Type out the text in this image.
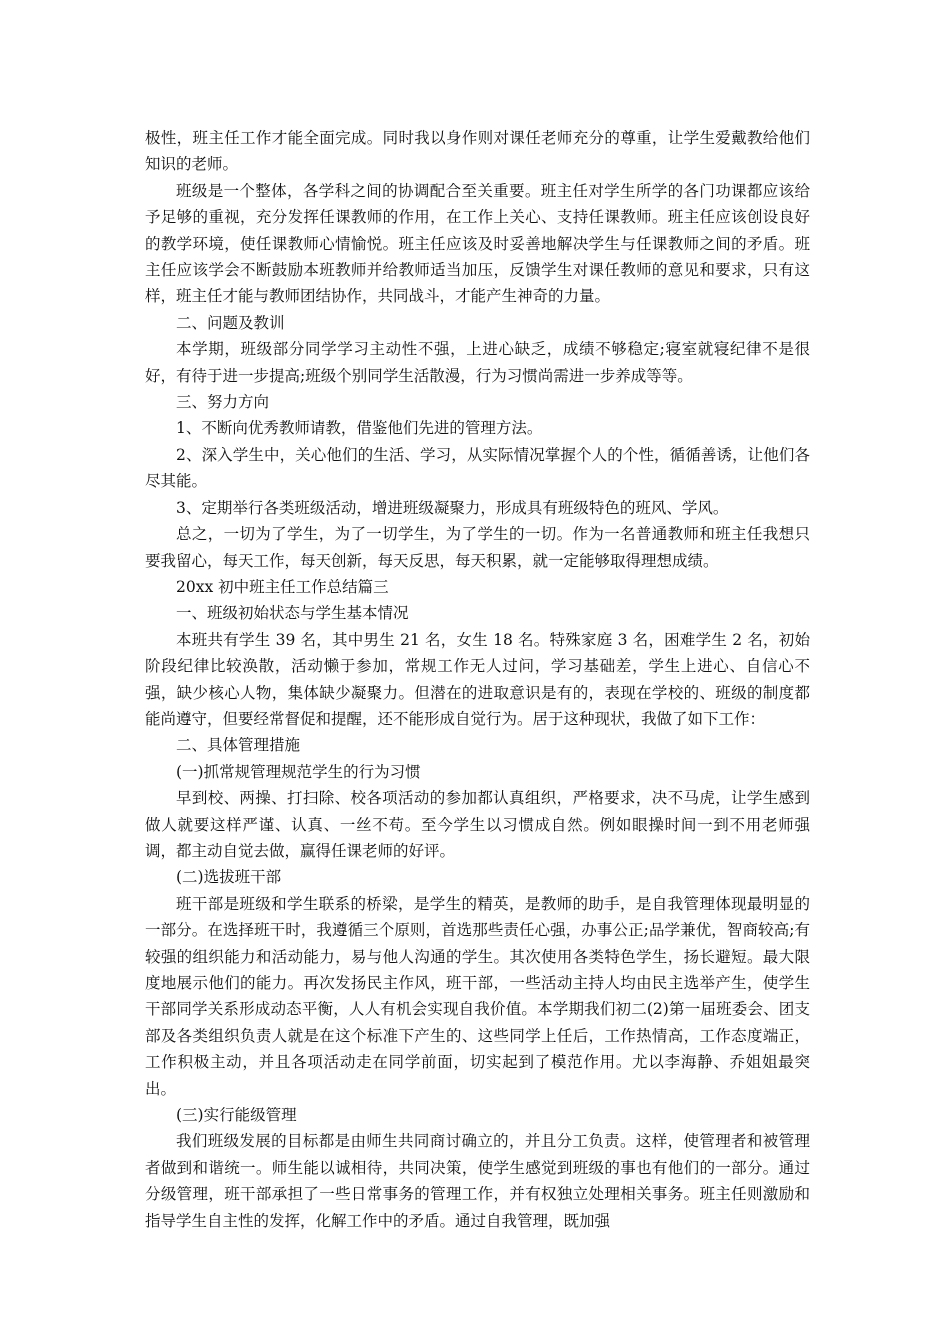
极性，班主任工作才能全面完成。同时我以身作则对课任老师充分的尊重，让学生爱戴教给他们知识的老师。

班级是一个整体，各学科之间的协调配合至关重要。班主任对学生所学的各门功课都应该给予足够的重视，充分发挥任课教师的作用，在工作上关心、支持任课教师。班主任应该创设良好的教学环境，使任课教师心情愉悦。班主任应该及时妥善地解决学生与任课教师之间的矛盾。班主任应该学会不断鼓励本班教师并给教师适当加压，反馈学生对课任教师的意见和要求，只有这样，班主任才能与教师团结协作，共同战斗，才能产生神奇的力量。

二、问题及教训

本学期，班级部分同学学习主动性不强，上进心缺乏，成绩不够稳定;寝室就寝纪律不是很好，有待于进一步提高;班级个别同学生活散漫，行为习惯尚需进一步养成等等。

三、努力方向

1、不断向优秀教师请教，借鉴他们先进的管理方法。

2、深入学生中，关心他们的生活、学习，从实际情况掌握个人的个性，循循善诱，让他们各尽其能。

3、定期举行各类班级活动，增进班级凝聚力，形成具有班级特色的班风、学风。

总之，一切为了学生，为了一切学生，为了学生的一切。作为一名普通教师和班主任我想只要我留心，每天工作，每天创新，每天反思，每天积累，就一定能够取得理想成绩。

20xx 初中班主任工作总结篇三

一、班级初始状态与学生基本情况

本班共有学生 39 名，其中男生 21 名，女生 18 名。特殊家庭 3 名，困难学生 2 名，初始阶段纪律比较涣散，活动懒于参加，常规工作无人过问，学习基础差，学生上进心、自信心不强，缺少核心人物，集体缺少凝聚力。但潜在的进取意识是有的，表现在学校的、班级的制度都能尚遵守，但要经常督促和提醒，还不能形成自觉行为。居于这种现状，我做了如下工作：

二、具体管理措施

(一)抓常规管理规范学生的行为习惯

早到校、两操、打扫除、校各项活动的参加都认真组织，严格要求，决不马虎，让学生感到做人就要这样严谨、认真、一丝不苟。至今学生以习惯成自然。例如眼操时间一到不用老师强调，都主动自觉去做，赢得任课老师的好评。

(二)选拔班干部

班干部是班级和学生联系的桥梁，是学生的精英，是教师的助手，是自我管理体现最明显的一部分。在选择班干时，我遵循三个原则，首选那些责任心强，办事公正;品学兼优，智商较高;有较强的组织能力和活动能力，易与他人沟通的学生。其次使用各类特色学生，扬长避短。最大限度地展示他们的能力。再次发扬民主作风，班干部，一些活动主持人均由民主选举产生，使学生干部同学关系形成动态平衡，人人有机会实现自我价值。本学期我们初二(2)第一届班委会、团支部及各类组织负责人就是在这个标准下产生的、这些同学上任后，工作热情高，工作态度端正，工作积极主动，并且各项活动走在同学前面，切实起到了模范作用。尤以李海静、乔姐姐最突出。

(三)实行能级管理

我们班级发展的目标都是由师生共同商讨确立的，并且分工负责。这样，使管理者和被管理者做到和谐统一。师生能以诚相待，共同决策，使学生感觉到班级的事也有他们的一部分。通过分级管理，班干部承担了一些日常事务的管理工作，并有权独立处理相关事务。班主任则激励和指导学生自主性的发挥，化解工作中的矛盾。通过自我管理，既加强
